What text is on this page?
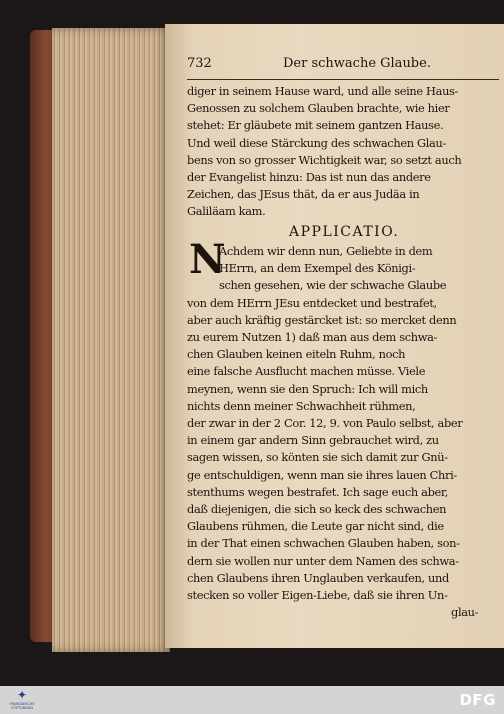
732	Der schwache Glaube.
diger in seinem Hause ward, und alle seine Haus-
Genossen zu solchem Glauben brachte, wie hier
stehet: Er gläubete mit seinem gantzen Hause.
Und weil diese Stärckung des schwachen Glau-
bens von so grosser Wichtigkeit war, so setzt auch
der Evangelist hinzu: Das ist nun das andere
Zeichen, das JEsus thät, da er aus Judäa in
Galiläam kam.
APPLICATIO.
N
Achdem wir denn nun, Geliebte in dem
HErrn, an dem Exempel des Königi-
schen gesehen, wie der schwache Glaube
von dem HErrn JEsu entdecket und bestrafet,
aber auch kräftig gestärcket ist: so mercket denn
zu eurem Nutzen 1) daß man aus dem schwa-
chen Glauben keinen eiteln Ruhm, noch
eine falsche Ausflucht machen müsse. Viele
meynen, wenn sie den Spruch: Ich will mich
nichts denn meiner Schwachheit rühmen,
der zwar in der 2 Cor. 12, 9. von Paulo selbst, aber
in einem gar andern Sinn gebrauchet wird, zu
sagen wissen, so könten sie sich damit zur Gnü-
ge entschuldigen, wenn man sie ihres lauen Chri-
stenthums wegen bestrafet. Ich sage euch aber,
daß diejenigen, die sich so keck des schwachen
Glaubens rühmen, die Leute gar nicht sind, die
in der That einen schwachen Glauben haben, son-
dern sie wollen nur unter dem Namen des schwa-
chen Glaubens ihren Unglauben verkaufen, und
stecken so voller Eigen-Liebe, daß sie ihren Un-
glau-
✦
FRANCKESCHE STIFTUNGEN	DFG
